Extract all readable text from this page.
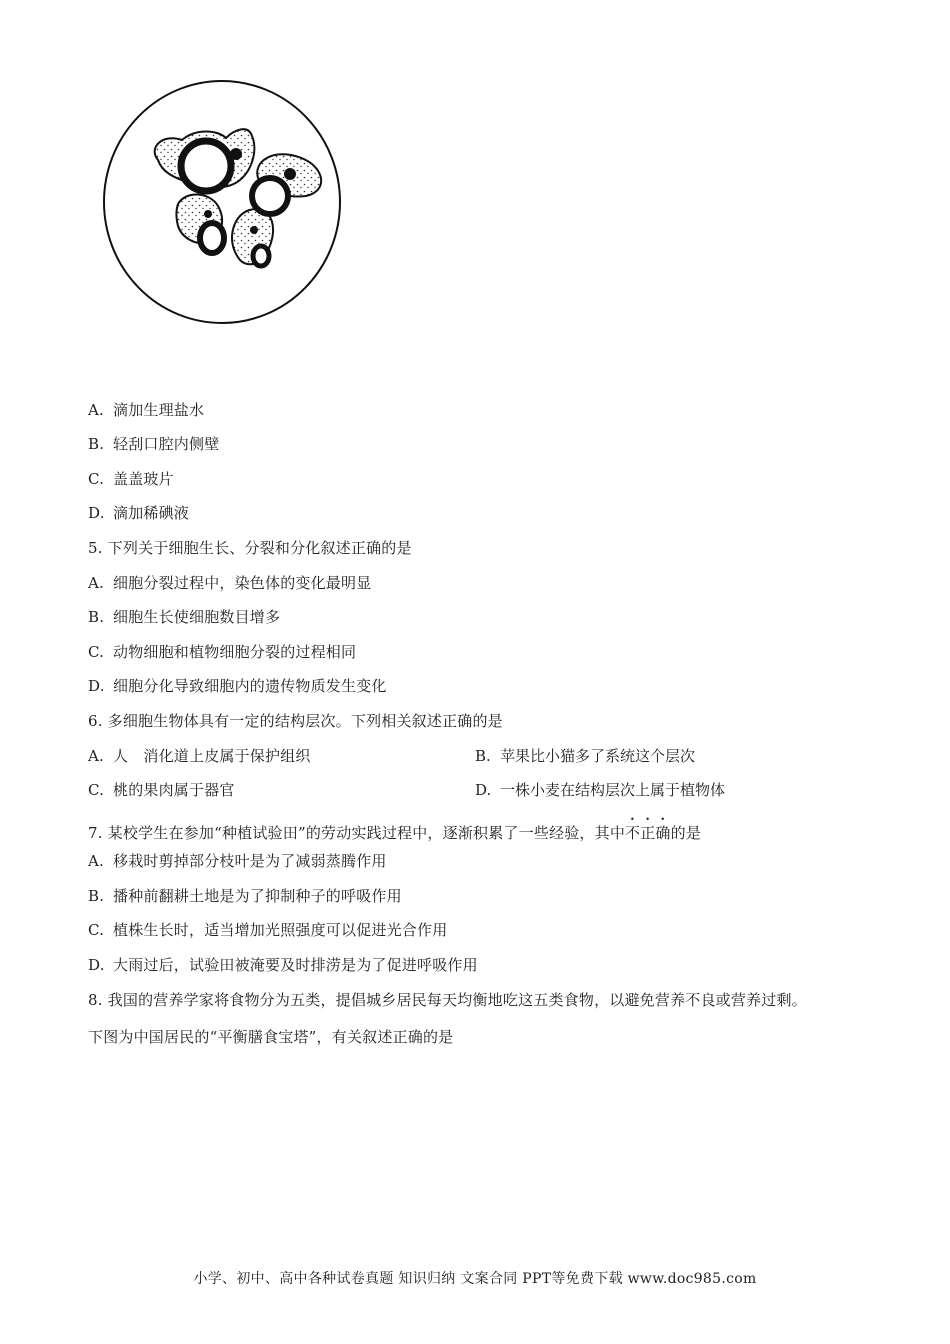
A. 滴加生理盐水
B. 轻刮口腔内侧壁
C. 盖盖玻片
D. 滴加稀碘液
5. 下列关于细胞生长、分裂和分化叙述正确的是
A. 细胞分裂过程中，染色体的变化最明显
B. 细胞生长使细胞数目增多
C. 动物细胞和植物细胞分裂的过程相同
D. 细胞分化导致细胞内的遗传物质发生变化
6. 多细胞生物体具有一定的结构层次。下列相关叙述正确的是
A. 人　消化道上皮属于保护组织	B. 苹果比小猫多了系统这个层次
C. 桃的果肉属于器官	D. 一株小麦在结构层次上属于植物体
7. 某校学生在参加“种植试验田”的劳动实践过程中，逐渐积累了一些经验，其中不正确的是
A. 移栽时剪掉部分枝叶是为了减弱蒸腾作用
B. 播种前翻耕土地是为了抑制种子的呼吸作用
C. 植株生长时，适当增加光照强度可以促进光合作用
D. 大雨过后，试验田被淹要及时排涝是为了促进呼吸作用
8. 我国的营养学家将食物分为五类，提倡城乡居民每天均衡地吃这五类食物，以避免营养不良或营养过剩。
下图为中国居民的“平衡膳食宝塔”，有关叙述正确的是
小学、初中、高中各种试卷真题 知识归纳 文案合同 PPT等免费下载 www.doc985.com
